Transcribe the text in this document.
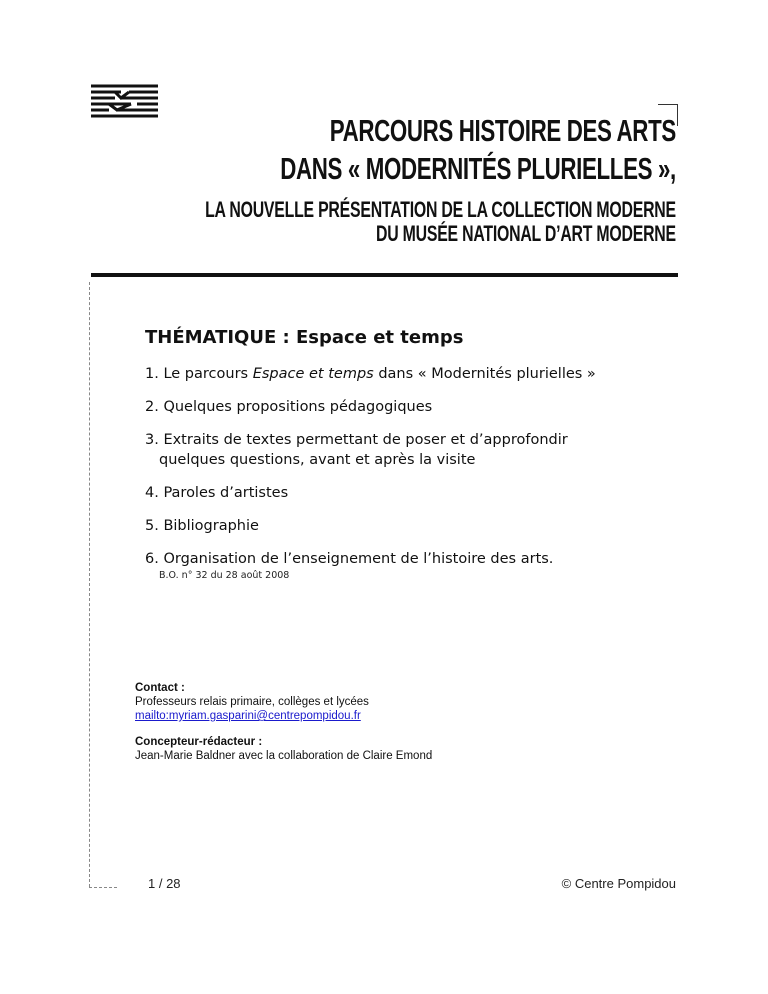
PARCOURS HISTOIRE DES ARTS
DANS « MODERNITÉS PLURIELLES »,
LA NOUVELLE PRÉSENTATION DE LA COLLECTION MODERNE
DU MUSÉE NATIONAL D’ART MODERNE
THÉMATIQUE : Espace et temps
1. Le parcours Espace et temps dans « Modernités plurielles »
2. Quelques propositions pédagogiques
3. Extraits de textes permettant de poser et d’approfondir
quelques questions, avant et après la visite
4. Paroles d’artistes
5. Bibliographie
6. Organisation de l’enseignement de l’histoire des arts.
B.O. n° 32 du 28 août 2008
Contact :
Professeurs relais primaire, collèges et lycées
mailto:myriam.gasparini@centrepompidou.fr
Concepteur-rédacteur :
Jean-Marie Baldner avec la collaboration de Claire Emond
1 / 28	© Centre Pompidou
